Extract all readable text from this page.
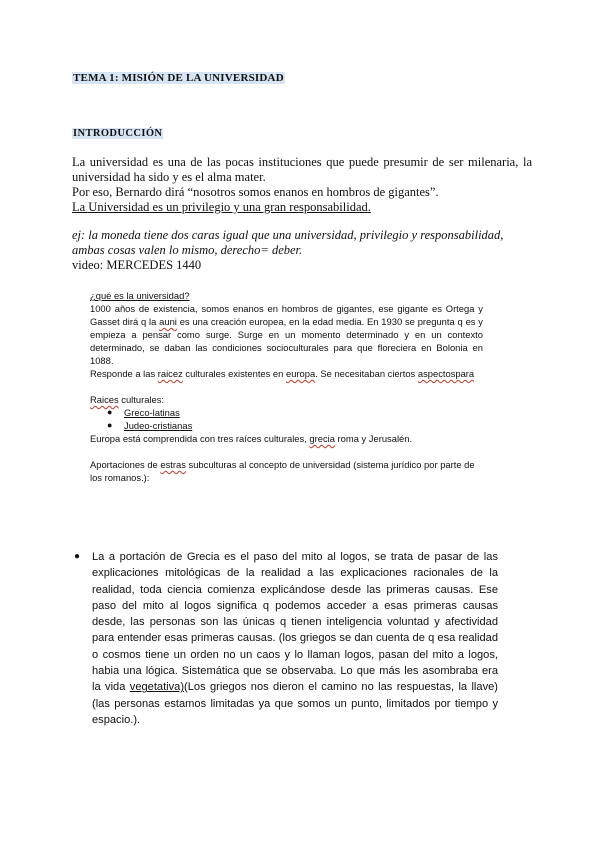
TEMA 1: MISIÓN DE LA UNIVERSIDAD
INTRODUCCIÓN

La universidad es una de las pocas instituciones que puede presumir de ser milenaria, la universidad ha sido y es el alma mater.

Por eso, Bernardo dirá “nosotros somos enanos en hombros de gigantes”.

La Universidad es un privilegio y una gran responsabilidad.

ej: la moneda tiene dos caras igual que una universidad, privilegio y responsabilidad, ambas cosas valen lo mismo, derecho= deber.
video: MERCEDES 1440

¿qué es la universidad?

1000 años de existencia, somos enanos en hombros de gigantes, ese gigante es Ortega y Gasset dirá q la auni es una creación europea, en la edad media. En 1930 se pregunta q es y empieza a pensar como surge. Surge en un momento determinado y en un contexto determinado, se daban las condiciones socioculturales para que floreciera en Bolonia en 1088.

Responde a las raicez culturales existentes en europa. Se necesitaban ciertos aspectospara

Raices culturales:

● Greco-latinas
● Judeo-cristianas

Europa está comprendida con tres raíces culturales, grecia roma y Jerusalén.

Aportaciones de estras subculturas al concepto de universidad (sistema jurídico por parte de los romanos.):

● La a portación de Grecia es el paso del mito al logos, se trata de pasar de las explicaciones mitológicas de la realidad a las explicaciones racionales de la realidad, toda ciencia comienza explicándose desde las primeras causas. Ese paso del mito al logos significa q podemos acceder a esas primeras causas desde, las personas son las únicas q tienen inteligencia voluntad y afectividad para entender esas primeras causas. (los griegos se dan cuenta de q esa realidad o cosmos tiene un orden no un caos y lo llaman logos, pasan del mito a logos, habia una lógica. Sistemática que se observaba. Lo que más les asombraba era la vida vegetativa)(Los griegos nos dieron el camino no las respuestas, la llave) (las personas estamos limitadas ya que somos un punto, limitados por tiempo y espacio.).
